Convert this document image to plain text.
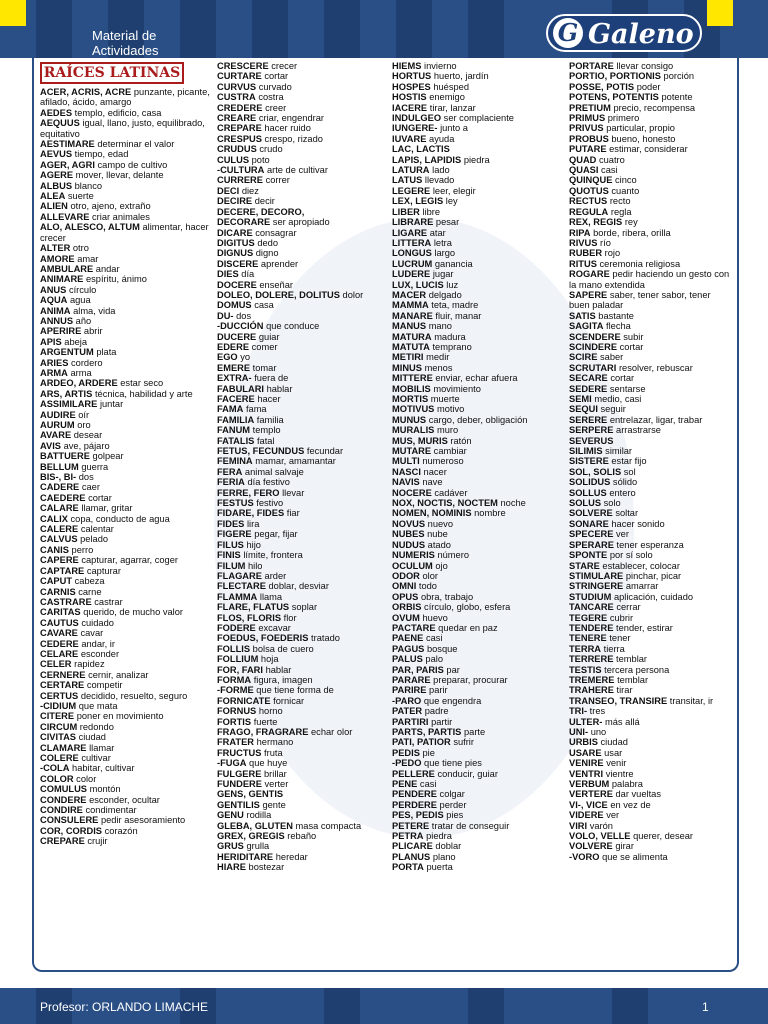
Material de
Actividades
G Galeno
RAÍCES LATINAS
ACER, ACRIS, ACRE punzante, picante, afilado, ácido, amargo
AEDES templo, edificio, casa
AEQUUS igual, llano, justo, equilibrado, equitativo
AESTIMARE determinar el valor
AEVUS tiempo, edad
AGER, AGRI campo de cultivo
AGERE mover, llevar, delante
ALBUS blanco
ALEA suerte
ALIEN otro, ajeno, extraño
ALLEVARE criar animales
ALO, ALESCO, ALTUM alimentar, hacer crecer
ALTER otro
AMORE amar
AMBULARE andar
ANIMARE espíritu, ánimo
ANUS círculo
AQUA agua
ANIMA alma, vida
ANNUS año
APERIRE abrir
APIS abeja
ARGENTUM plata
ARIES cordero
ARMA arma
ARDEO, ARDERE estar seco
ARS, ARTIS técnica, habilidad y arte
ASSIMILARE juntar
AUDIRE oír
AURUM oro
AVARE desear
AVIS ave, pájaro
BATTUERE golpear
BELLUM guerra
BIS-, BI- dos
CADERE caer
CAEDERE cortar
CALARE llamar, gritar
CALIX copa, conducto de agua
CALERE calentar
CALVUS pelado
CANIS perro
CAPERE capturar, agarrar, coger
CAPTARE capturar
CAPUT cabeza
CARNIS carne
CASTRARE castrar
CARITAS querido, de mucho valor
CAUTUS cuidado
CAVARE cavar
CEDERE andar, ir
CELARE esconder
CELER rapidez
CERNERE cernir, analizar
CERTARE competir
CERTUS decidido, resuelto, seguro
-CIDIUM que mata
CITERE poner en movimiento
CIRCUM redondo
CIVITAS ciudad
CLAMARE llamar
COLERE cultivar
-COLA habitar, cultivar
COLOR color
COMULUS montón
CONDERE esconder, ocultar
CONDIRE condimentar
CONSULERE pedir asesoramiento
COR, CORDIS corazón
CREPARE crujir
CRESCERE crecer
CURTARE cortar
CURVUS curvado
CUSTRA costra
CREDERE creer
CREARE criar, engendrar
CREPARE hacer ruido
CRESPUS crespo, rizado
CRUDUS crudo
CULUS poto
-CULTURA arte de cultivar
CURRERE correr
DECI diez
DECIRE decir
DECERE, DECORO,
DECORARE ser apropiado
DICARE consagrar
DIGITUS dedo
DIGNUS digno
DISCERE aprender
DIES día
DOCERE enseñar
DOLEO, DOLERE, DOLITUS dolor
DOMUS casa
DU- dos
-DUCCIÓN que conduce
DUCERE guiar
EDERE comer
EGO yo
EMERE tomar
EXTRA- fuera de
FABULARI hablar
FACERE hacer
FAMA fama
FAMILIA familia
FANUM templo
FATALIS fatal
FETUS, FECUNDUS fecundar
FEMINA mamar, amamantar
FERA animal salvaje
FERIA día festivo
FERRE, FERO llevar
FESTUS festivo
FIDARE, FIDES fiar
FIDES lira
FIGERE pegar, fijar
FILUS hijo
FINIS límite, frontera
FILUM hilo
FLAGARE arder
FLECTARE doblar, desviar
FLAMMA llama
FLARE, FLATUS soplar
FLOS, FLORIS flor
FODERE excavar
FOEDUS, FOEDERIS tratado
FOLLIS bolsa de cuero
FOLLIUM hoja
FOR, FARI hablar
FORMA figura, imagen
-FORME que tiene forma de
FORNICATE fornicar
FORNUS horno
FORTIS fuerte
FRAGO, FRAGRARE echar olor
FRATER hermano
FRUCTUS fruta
-FUGA que huye
FULGERE brillar
FUNDERE verter
GENS, GENTIS
GENTILIS gente
GENU rodilla
GLEBA, GLUTEN masa compacta
GREX, GREGIS rebaño
GRUS grulla
HERIDITARE heredar
HIARE bostezar
HIEMS invierno
HORTUS huerto, jardín
HOSPES huésped
HOSTIS enemigo
IACERE tirar, lanzar
INDULGEO ser complaciente
IUNGERE- junto a
IUVARE ayuda
LAC, LACTIS
LAPIS, LAPIDIS piedra
LATURA lado
LATUS llevado
LEGERE leer, elegir
LEX, LEGIS ley
LIBER libre
LIBRARE pesar
LIGARE atar
LITTERA letra
LONGUS largo
LUCRUM ganancia
LUDERE jugar
LUX, LUCIS luz
MACER delgado
MAMMA teta, madre
MANARE fluir, manar
MANUS mano
MATURA madura
MATUTA temprano
METIRI medir
MINUS menos
MITTERE enviar, echar afuera
MOBILIS movimiento
MORTIS muerte
MOTIVUS motivo
MUNUS cargo, deber, obligación
MURALIS muro
MUS, MURIS ratón
MUTARE cambiar
MULTI numeroso
NASCI nacer
NAVIS nave
NOCERE cadáver
NOX, NOCTIS, NOCTEM noche
NOMEN, NOMINIS nombre
NOVUS nuevo
NUBES nube
NUDUS atado
NUMERIS número
OCULUM ojo
ODOR olor
OMNI todo
OPUS obra, trabajo
ORBIS círculo, globo, esfera
OVUM huevo
PACTARE quedar en paz
PAENE casi
PAGUS bosque
PALUS palo
PAR, PARIS par
PARARE preparar, procurar
PARIRE parir
-PARO que engendra
PATER padre
PARTIRI partir
PARTS, PARTIS parte
PATI, PATIOR sufrir
PEDIS pie
-PEDO que tiene pies
PELLERE conducir, guiar
PENE casi
PENDERE colgar
PERDERE perder
PES, PEDIS pies
PETERE tratar de conseguir
PETRA piedra
PLICARE doblar
PLANUS plano
PORTA puerta
PORTARE llevar consigo
PORTIO, PORTIONIS porción
POSSE, POTIS poder
POTENS, POTENTIS potente
PRETIUM precio, recompensa
PRIMUS primero
PRIVUS particular, propio
PROBUS bueno, honesto
PUTARE estimar, considerar
QUAD cuatro
QUASI casi
QUINQUE cinco
QUOTUS cuanto
RECTUS recto
REGULA regla
REX, REGIS rey
RIPA borde, ribera, orilla
RIVUS río
RUBER rojo
RITUS ceremonia religiosa
ROGARE pedir haciendo un gesto con la mano extendida
SAPERE saber, tener sabor, tener buen paladar
SATIS bastante
SAGITA flecha
SCENDERE subir
SCINDERE cortar
SCIRE saber
SCRUTARI resolver, rebuscar
SECARE cortar
SEDERE sentarse
SEMI medio, casi
SEQUI seguir
SERERE entrelazar, ligar, trabar
SERPERE arrastrarse
SEVERUS
SILIMIS similar
SISTERE estar fijo
SOL, SOLIS sol
SOLIDUS sólido
SOLLUS entero
SOLUS solo
SOLVERE soltar
SONARE hacer sonido
SPECERE ver
SPERARE tener esperanza
SPONTE por sí solo
STARE establecer, colocar
STIMULARE pinchar, picar
STRINGERE amarrar
STUDIUM aplicación, cuidado
TANCARE cerrar
TEGERE cubrir
TENDERE tender, estirar
TENERE tener
TERRA tierra
TERRERE temblar
TESTIS tercera persona
TREMERE temblar
TRAHERE tirar
TRANSEO, TRANSIRE transitar, ir
TRI- tres
ULTER- más allá
UNI- uno
URBIS ciudad
USARE usar
VENIRE venir
VENTRI vientre
VERBUM palabra
VERTERE dar vueltas
VI-, VICE en vez de
VIDERE ver
VIRI varón
VOLO, VELLE querer, desear
VOLVERE girar
-VORO que se alimenta
Profesor: ORLANDO LIMACHE	1
